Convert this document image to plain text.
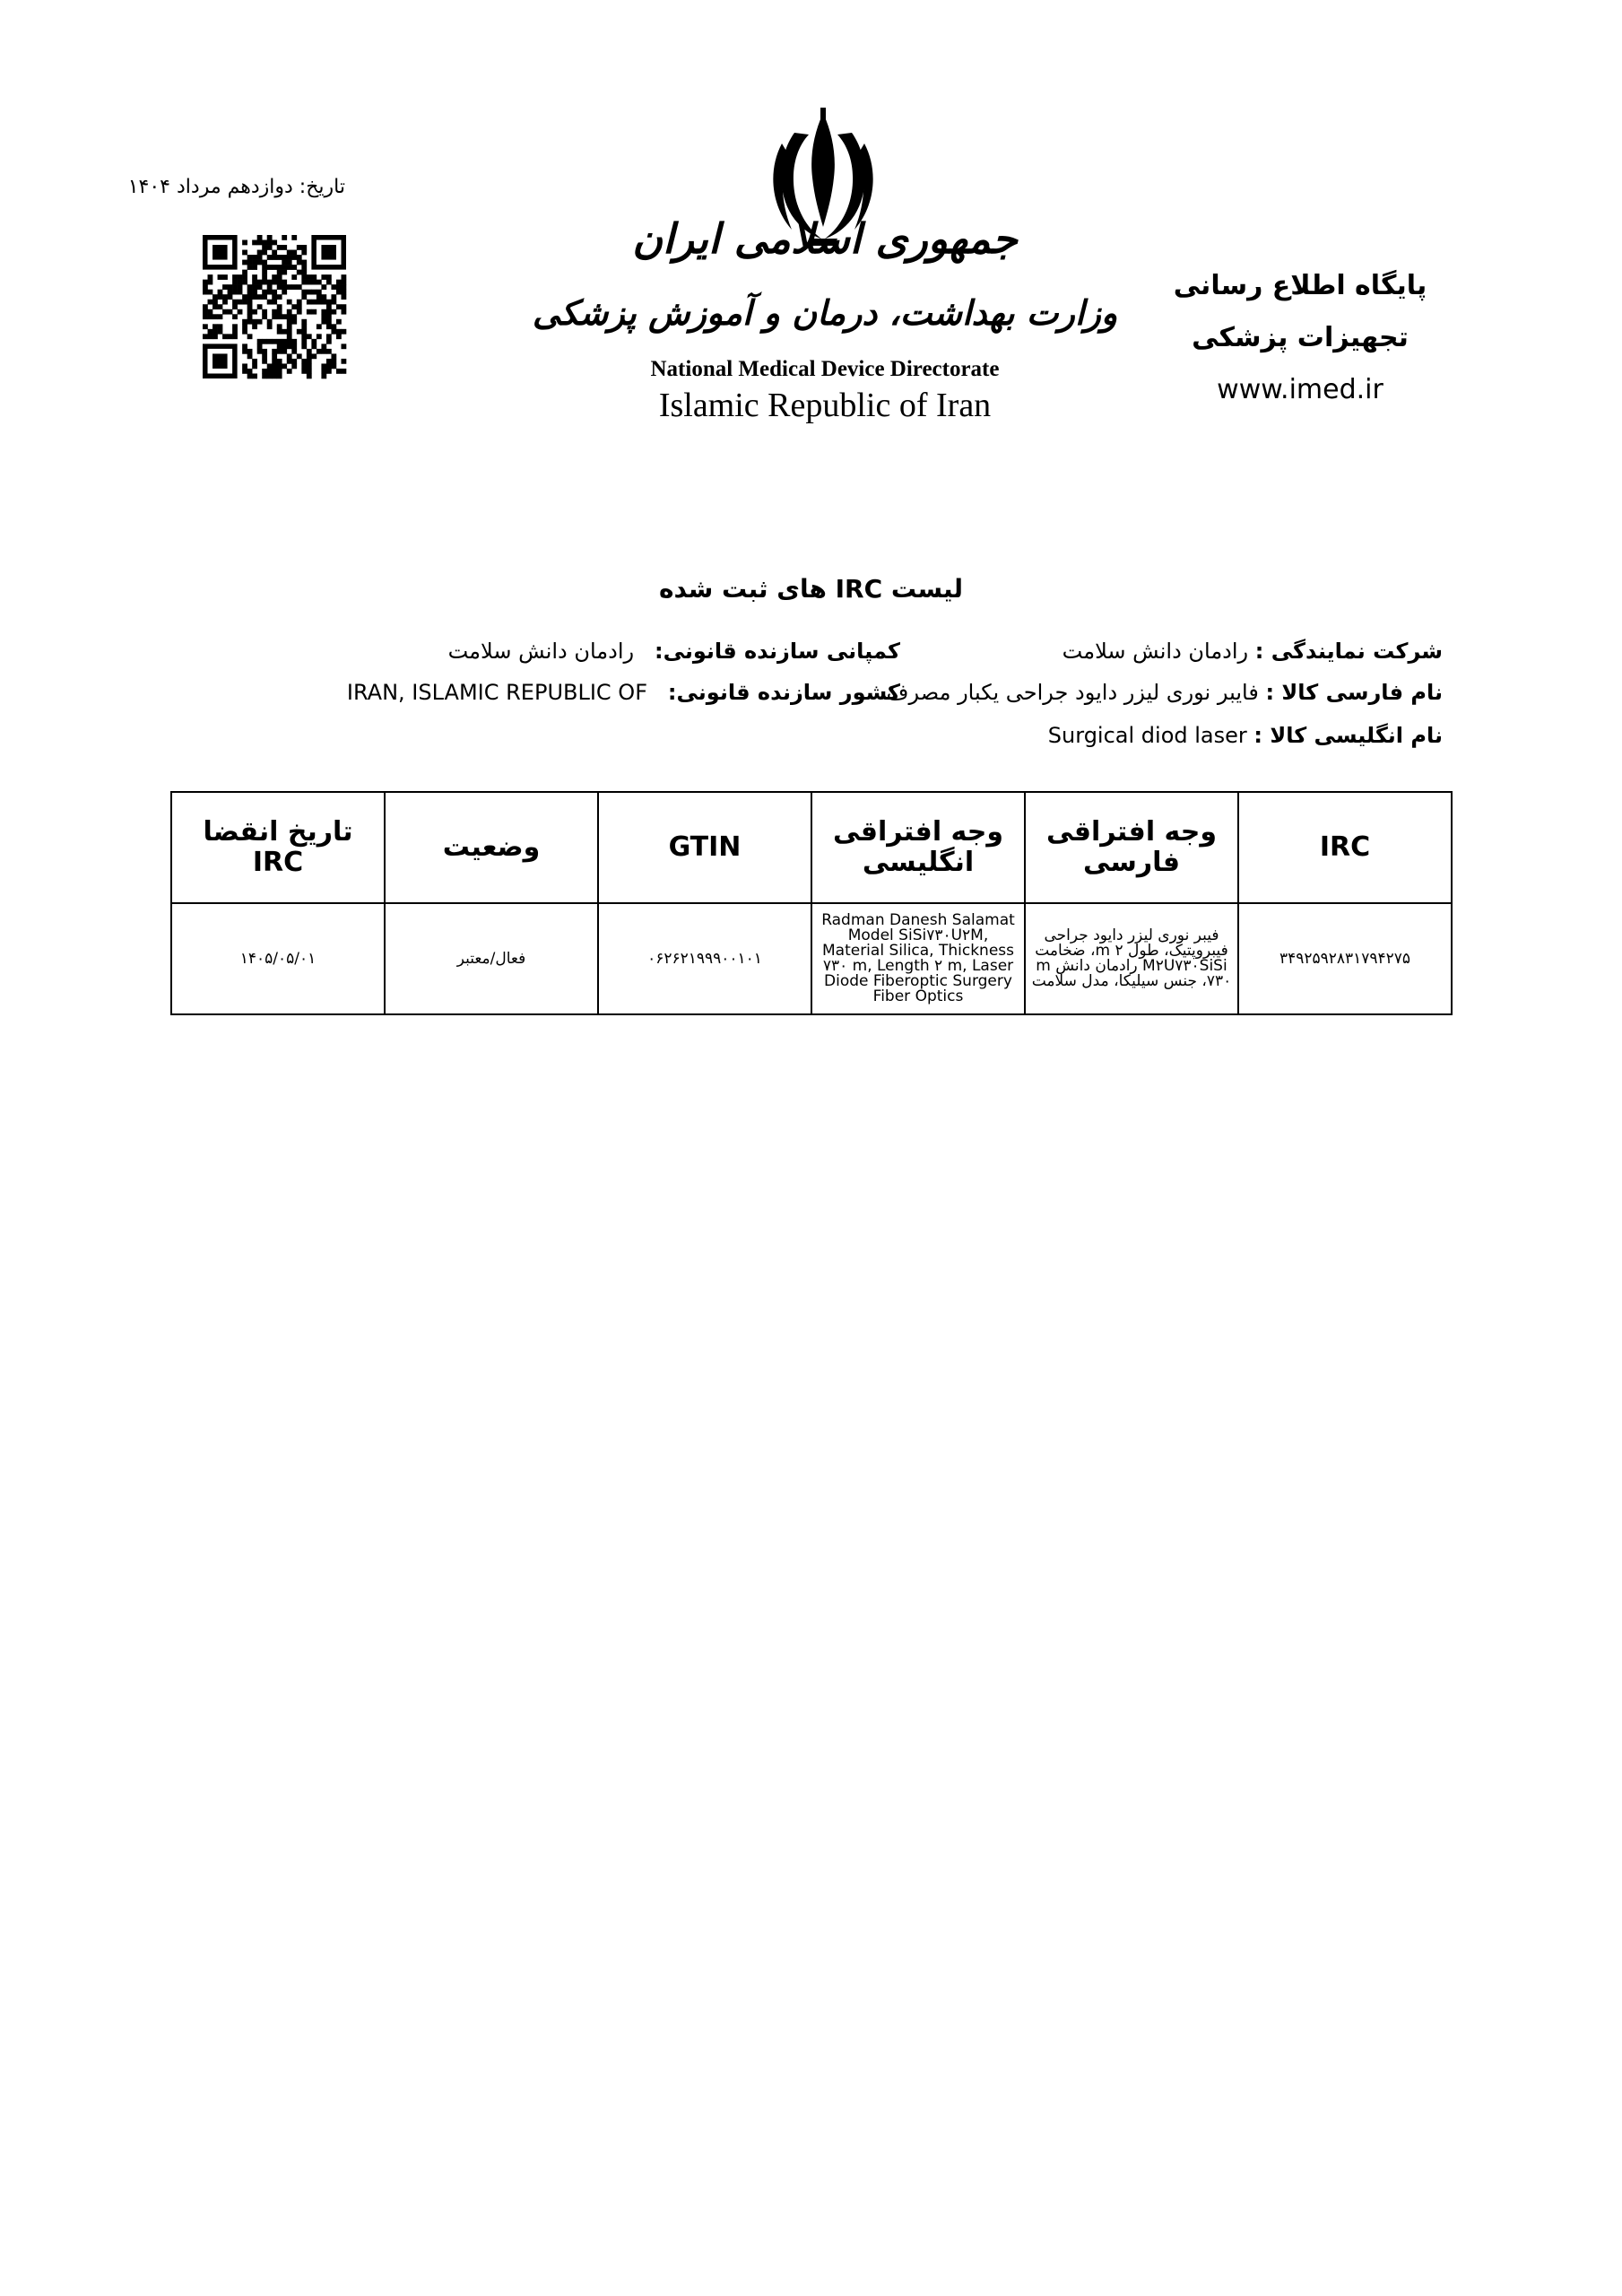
تاریخ: دوازدهم مرداد ۱۴۰۴
جمهوری اسلامی ایران
وزارت بهداشت، درمان و آموزش پزشکی
National Medical Device Directorate
Islamic Republic of Iran
پایگاه اطلاع رسانی
تجهیزات پزشکی
www.imed.ir
لیست IRC های ثبت شده
شرکت نمایندگی : رادمان دانش سلامت
نام فارسی کالا : فایبر نوری لیزر دایود جراحی یکبار مصرف
نام انگلیسی کالا : Surgical diod laser
کمپانی سازنده قانونی:   رادمان دانش سلامت
کشور سازنده قانونی:   IRAN, ISLAMIC REPUBLIC OF
IRC	وجه افتراقی فارسی	وجه افتراقی انگلیسی	GTIN	وضعیت	تاریخ انقضا IRC
۳۴۹۲۵۹۲۸۳۱۷۹۴۲۷۵	فیبر نوری لیزر دایود جراحی فیبروپتیک، طول m ۲، ضخامت M۲U۷۳۰SiSi رادمان دانش m ۷۳۰، جنس سیلیکا، مدل سلامت	Radman Danesh Salamat Model SiSi۷۳۰U۲M, Material Silica, Thickness ۷۳۰ m, Length ۲ m, Laser Diode Fiberoptic Surgery Fiber Optics	۰۶۲۶۲۱۹۹۹۰۰۱۰۱	فعال/معتبر	۱۴۰۵/۰۵/۰۱
